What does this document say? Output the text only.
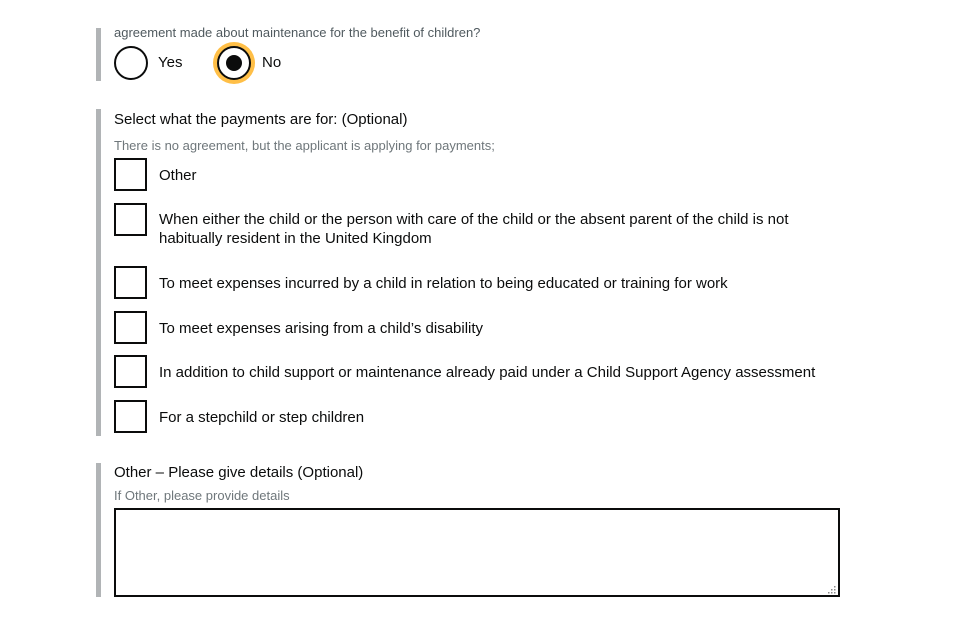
agreement made about maintenance for the benefit of children?
Yes	No
Select what the payments are for: (Optional)
There is no agreement, but the applicant is applying for payments;
Other
When either the child or the person with care of the child or the absent parent of the child is not habitually resident in the United Kingdom
To meet expenses incurred by a child in relation to being educated or training for work
To meet expenses arising from a child’s disability
In addition to child support or maintenance already paid under a Child Support Agency assessment
For a stepchild or step children
Other – Please give details (Optional)
If Other, please provide details
